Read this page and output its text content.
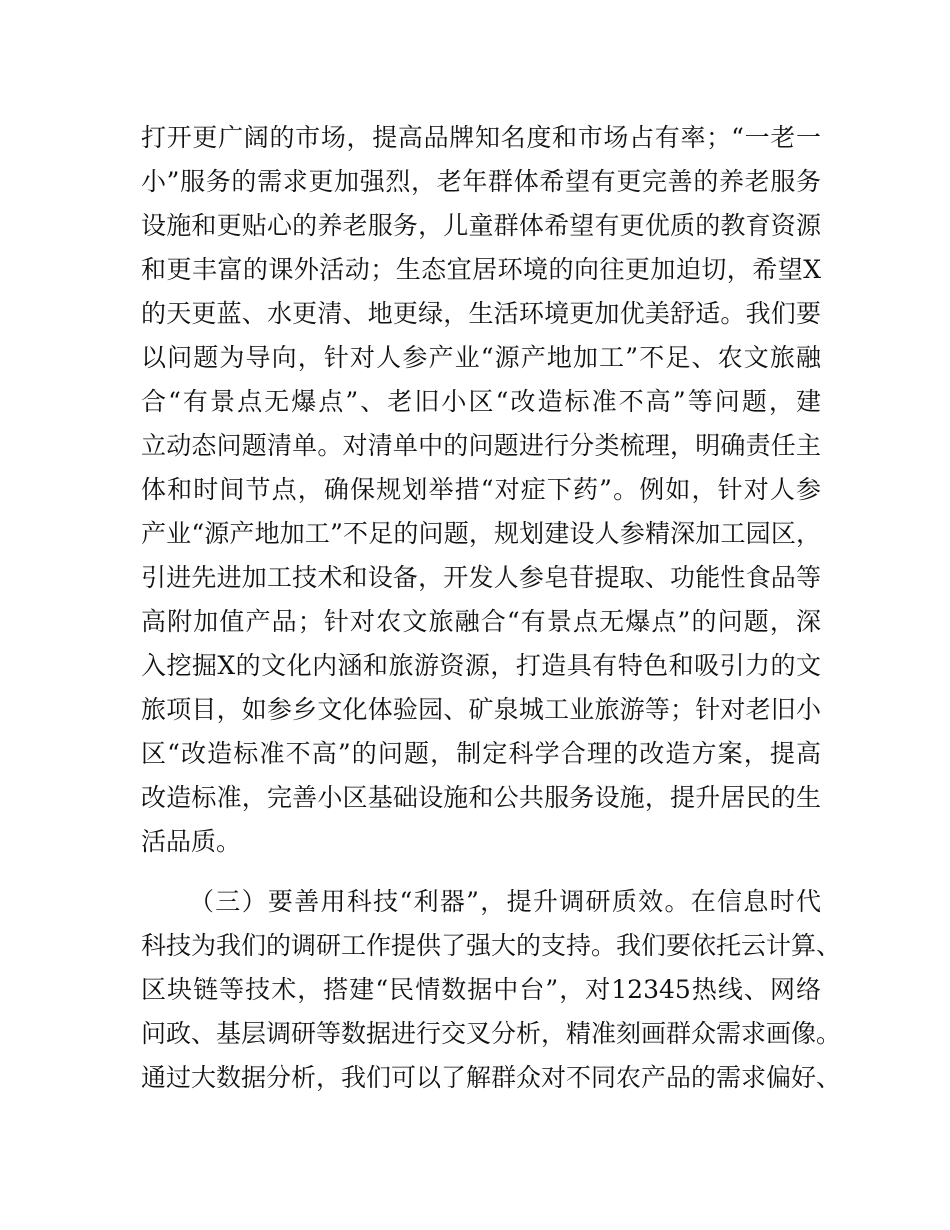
打开更广阔的市场，提高品牌知名度和市场占有率；“一老一
小”服务的需求更加强烈，老年群体希望有更完善的养老服务
设施和更贴心的养老服务，儿童群体希望有更优质的教育资源
和更丰富的课外活动；生态宜居环境的向往更加迫切，希望X
的天更蓝、水更清、地更绿，生活环境更加优美舒适。我们要
以问题为导向，针对人参产业“源产地加工”不足、农文旅融
合“有景点无爆点”、老旧小区“改造标准不高”等问题，建
立动态问题清单。对清单中的问题进行分类梳理，明确责任主
体和时间节点，确保规划举措“对症下药”。例如，针对人参
产业“源产地加工”不足的问题，规划建设人参精深加工园区，
引进先进加工技术和设备，开发人参皂苷提取、功能性食品等
高附加值产品；针对农文旅融合“有景点无爆点”的问题，深
入挖掘X的文化内涵和旅游资源，打造具有特色和吸引力的文
旅项目，如参乡文化体验园、矿泉城工业旅游等；针对老旧小
区“改造标准不高”的问题，制定科学合理的改造方案，提高
改造标准，完善小区基础设施和公共服务设施，提升居民的生
活品质。
（三）要善用科技“利器”，提升调研质效。在信息时代
科技为我们的调研工作提供了强大的支持。我们要依托云计算、
区块链等技术，搭建“民情数据中台”，对12345热线、网络
问政、基层调研等数据进行交叉分析，精准刻画群众需求画像。
通过大数据分析，我们可以了解群众对不同农产品的需求偏好、
